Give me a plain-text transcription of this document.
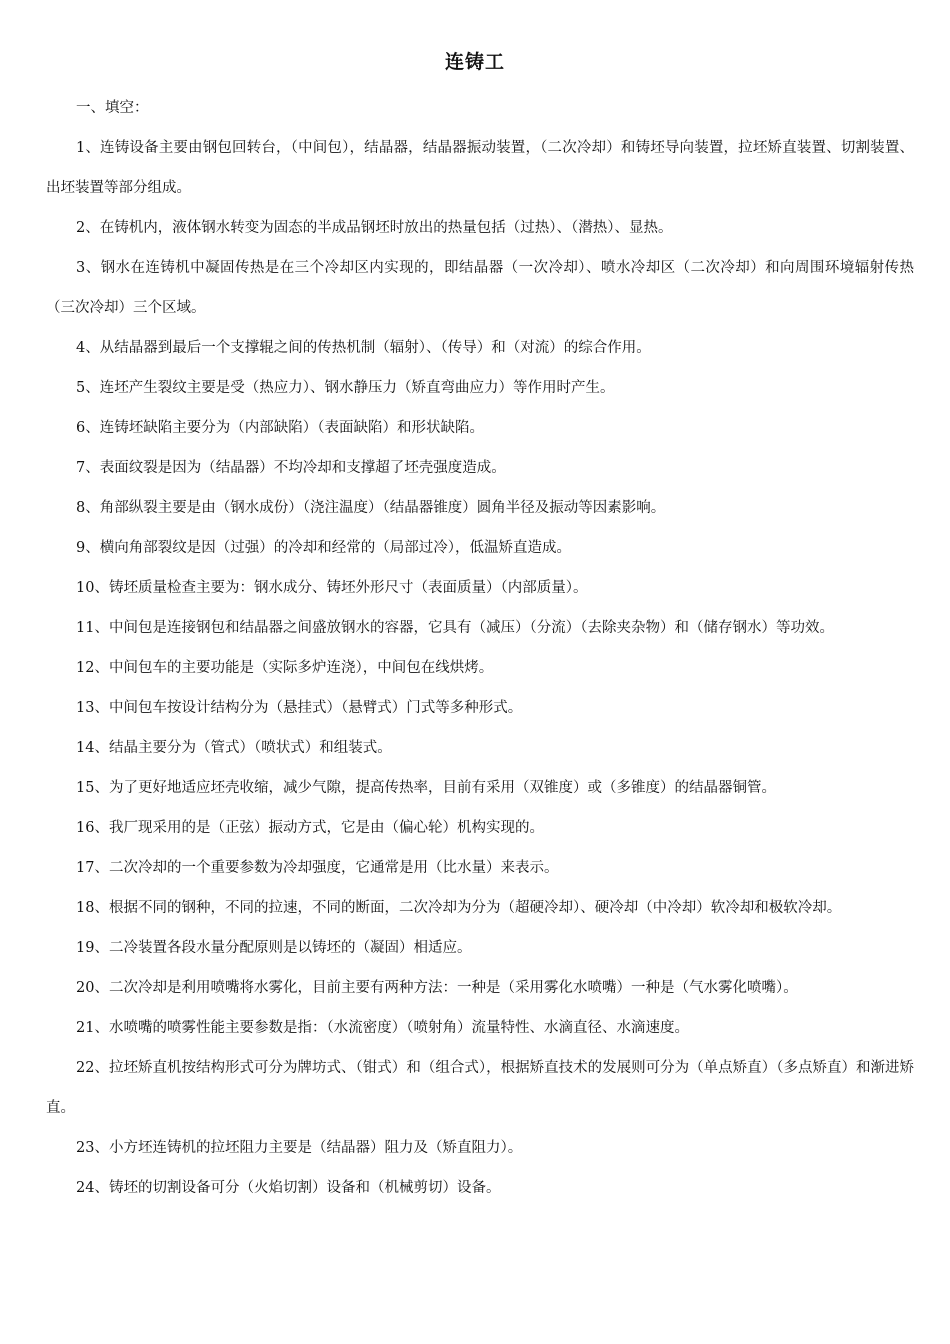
连铸工

一、填空：

1、连铸设备主要由钢包回转台，（中间包），结晶器，结晶器振动装置，（二次冷却）和铸坯导向装置，拉坯矫直装置、切割装置、出坯装置等部分组成。

2、在铸机内，液体钢水转变为固态的半成品钢坯时放出的热量包括（过热）、（潜热）、显热。

3、钢水在连铸机中凝固传热是在三个冷却区内实现的，即结晶器（一次冷却）、喷水冷却区（二次冷却）和向周围环境辐射传热（三次冷却）三个区域。

4、从结晶器到最后一个支撑辊之间的传热机制（辐射）、（传导）和（对流）的综合作用。

5、连坯产生裂纹主要是受（热应力）、钢水静压力（矫直弯曲应力）等作用时产生。

6、连铸坯缺陷主要分为（内部缺陷）（表面缺陷）和形状缺陷。

7、表面纹裂是因为（结晶器）不均冷却和支撑超了坯壳强度造成。

8、角部纵裂主要是由（钢水成份）（浇注温度）（结晶器锥度）圆角半径及振动等因素影响。

9、横向角部裂纹是因（过强）的冷却和经常的（局部过冷），低温矫直造成。

10、铸坯质量检查主要为：钢水成分、铸坯外形尺寸（表面质量）（内部质量）。

11、中间包是连接钢包和结晶器之间盛放钢水的容器，它具有（减压）（分流）（去除夹杂物）和（储存钢水）等功效。

12、中间包车的主要功能是（实际多炉连浇），中间包在线烘烤。

13、中间包车按设计结构分为（悬挂式）（悬臂式）门式等多种形式。

14、结晶主要分为（管式）（喷状式）和组装式。

15、为了更好地适应坯壳收缩，减少气隙，提高传热率，目前有采用（双锥度）或（多锥度）的结晶器铜管。

16、我厂现采用的是（正弦）振动方式，它是由（偏心轮）机构实现的。

17、二次冷却的一个重要参数为冷却强度，它通常是用（比水量）来表示。

18、根据不同的钢种，不同的拉速，不同的断面，二次冷却为分为（超硬冷却）、硬冷却（中冷却）软冷却和极软冷却。

19、二冷装置各段水量分配原则是以铸坯的（凝固）相适应。

20、二次冷却是利用喷嘴将水雾化，目前主要有两种方法：一种是（采用雾化水喷嘴）一种是（气水雾化喷嘴）。

21、水喷嘴的喷雾性能主要参数是指：（水流密度）（喷射角）流量特性、水滴直径、水滴速度。

22、拉坯矫直机按结构形式可分为牌坊式、（钳式）和（组合式），根据矫直技术的发展则可分为（单点矫直）（多点矫直）和渐进矫直。

23、小方坯连铸机的拉坯阻力主要是（结晶器）阻力及（矫直阻力）。

24、铸坯的切割设备可分（火焰切割）设备和（机械剪切）设备。
